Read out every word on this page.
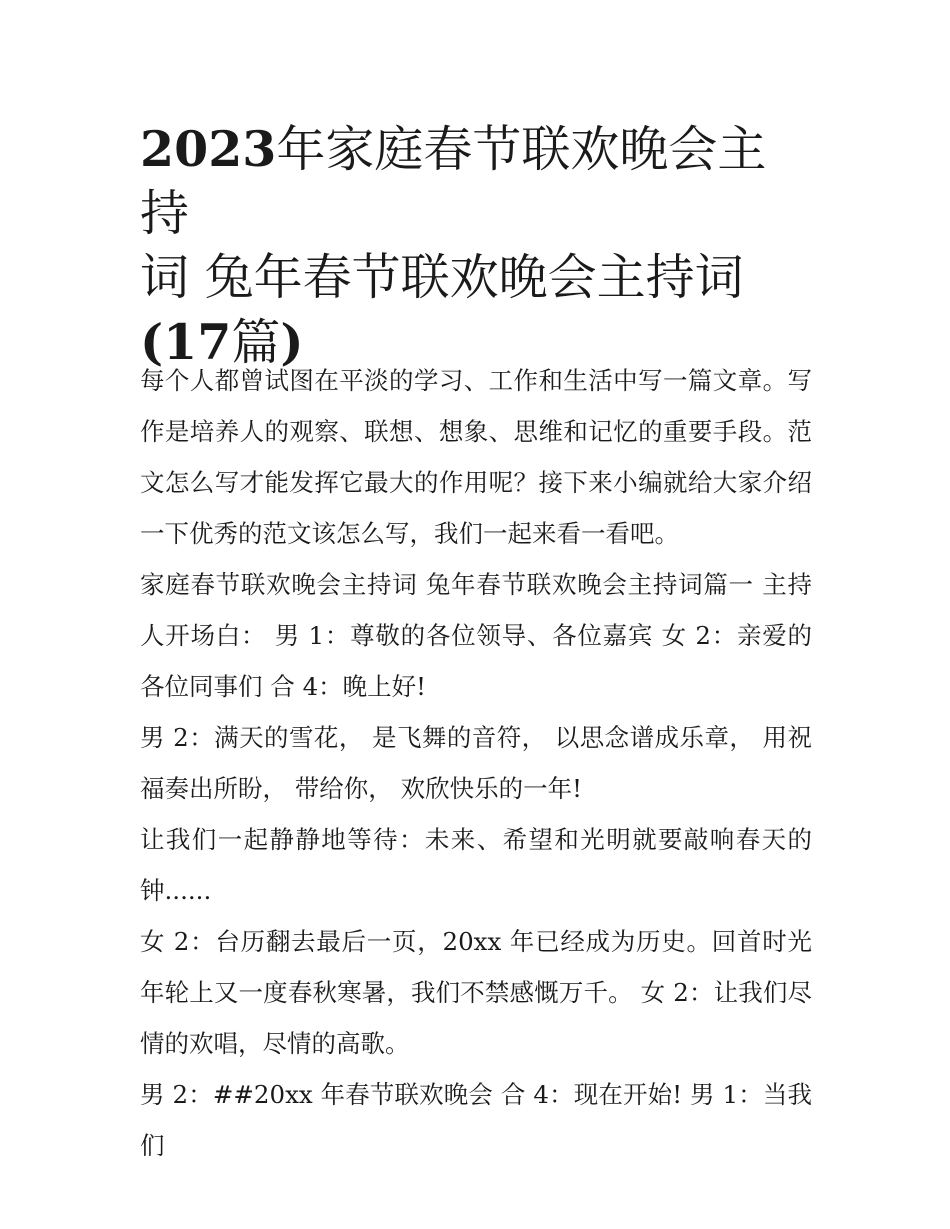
2023年家庭春节联欢晚会主持
词 兔年春节联欢晚会主持词
(17篇)

每个人都曾试图在平淡的学习、工作和生活中写一篇文章。写作是培养人的观察、联想、想象、思维和记忆的重要手段。范文怎么写才能发挥它最大的作用呢？接下来小编就给大家介绍一下优秀的范文该怎么写，我们一起来看一看吧。

家庭春节联欢晚会主持词 兔年春节联欢晚会主持词篇一 主持人开场白： 男 1：尊敬的各位领导、各位嘉宾 女 2：亲爱的各位同事们 合 4：晚上好!

男 2：满天的雪花， 是飞舞的音符， 以思念谱成乐章， 用祝福奏出所盼， 带给你， 欢欣快乐的一年!

让我们一起静静地等待：未来、希望和光明就要敲响春天的钟......

女 2：台历翻去最后一页，20xx 年已经成为历史。回首时光年轮上又一度春秋寒暑，我们不禁感慨万千。 女 2：让我们尽情的欢唱，尽情的高歌。

男 2：##20xx 年春节联欢晚会 合 4：现在开始! 男 1：当我们
